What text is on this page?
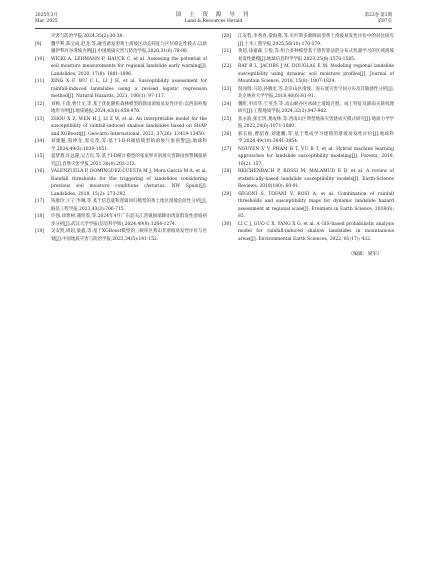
2025年3月
Mar. 2025
国 土 资 源 导 刊
Land & Resources Herald
第22卷 第1期
第97页

灾害与防治学报,2024,35(2):30-39.

[9] 魏学利,陈宝成,赵龙,等.融雪诱发型黄土滑坡区动态特征与区位稳定性模式:以新疆伊犁河谷滑坡为例[J].中国地质灾害与防治学报,2020,31(6):78-90.

[10] WICKI A, LEHMANN P, HAUCK C, et al. Assessing the potential of soil moisture measurements for regional landslide early warning[J]. Landslides, 2020, 17(8): 1881-1896.

[11] XING X F, WU C L, LI J H, et al. Susceptibility assessment for rainfall-induced landslides using a revised logistic regression method[J]. Natural Hazards, 2021, 106(1): 97-117.

[12] 刘帅,王琦,曹仕文,等.基于优化随机森林模型的降雨滑坡易发性评价:以西南岭殷地形为例[J].地质通报,2024,43(6):958-970.

[13] ZHOU X Z, WEN H J, LI Z W, et al. An interpretable model for the susceptibility of rainfall-induced shallow landslides based on SHAP and XGBoost[J]. Geocarto International, 2022, 37(26): 13419-13450.

[14] 刘建魁,殷坤龙,郭克茂,等.基于I-D-R阈值模型的滑坡气象预警[J].地球科学,2024,49(3):1039-1051.

[15] 夏梦想,许远隆,吴吉民,等.基于I-D统计模型的张家界市滑坡灾害降雨预警阈值研究[J].自然灾害学报,2021,30(4):203-212.

[16] VALENZUELA P, DOMÍNGUEZ-CUESTA M J, Mora García M A, et al. Rainfall thresholds for the triggering of landslides considering previous soil moisture conditions (Asturias, NW Spain)[J]. Landslides, 2018, 15(2): 273-282.

[17] 钱康玲,王子,李琳,等.基于信息量和逻辑回归模型的黄土地区滑坡危险性分析[J].路基工程学报,2023,43(3):706-715.

[18] 许强,徐繁树,蒲明鉴,等.2024年4月广东韶关江湾镇极端降雨诱发群发性滑坡初步分析[J].武汉大学学报(信息科学版),2024,49(8):1264-1274.

[19] 吴安凯,周超,梁鑫,等.基于XGBoost模型的三峡库区燕山非滑坡易发性评价与区划[J].中国地质灾害与防治学报,2023,34(5):141-152.

[20] 江安程,李秀春,梁海燕,等.贝叶斯多源降雨型黄土滑坡易发性评价中的对比研究[J].土木工程学报,2025,56(10):170-179.

[21] 黄超,徐嘉森,王悦,等.组合多种模型基于遗传算法的分布式机器学习的区域滑坡易发性建模[J].地球信息科学学报,2023,25(8):1570-1585.

[22] RAY R L, JACOBS J M, DOUGLAS E M. Modeling regional landslide susceptibility using dynamic soil moisture profiles[J]. Journal of Mountain Science, 2018, 15(8): 1807-1824.

[23] 倪闯瑞,马超,孙腾龙,等.北京山区滑坡、泥石流灾害空间分布及其敏感性分析[J].北京林业大学学报,2018,40(6):81-91.

[24] 魏昕,申培华,宁英杰,等.高山峡谷区冰碛土滑坡过程、成土特征及降雨关联机理研究[J].工程地质学报,2024,32(3):947-962.

[25] 焦永波,张宏玥,龚成林,等.西南山区典型地质灾害链成灾模式研究[J].地质力学学报,2022,28(6):1071-1080.

[26] 郝长杨,曹韶春,刘建鹏,等.基于集成学习建模的滑坡易发性评价[J].地球科学,2024,49(10):3841-3854.

[27] NGUYEN V V, PHAM B T, VU B T, et al. Hybrid machine learning approaches for landslide susceptibility modeling[J]. Forests, 2019, 10(2): 157.

[28] REICHENBACH P, ROSSI M, MALAMUD B D, et al. A review of statistically-based landslide susceptibility models[J]. Earth-Science Reviews, 2018(180): 60-91.

[29] SEGONI S, TOFANI V, ROSI A, et al. Combination of rainfall thresholds and susceptibility maps for dynamic landslide hazard assessment at regional scale[J]. Frontiers in Earth Science, 2018(6): 85.

[30] LI C J, GUO C X, YANG X G, et al. A GIS-based probabilistic analysis model for rainfall-induced shallow landslides in mountainous areas[J]. Environmental Earth Sciences, 2022, 81(17): 432.

（编辑：梁军）
